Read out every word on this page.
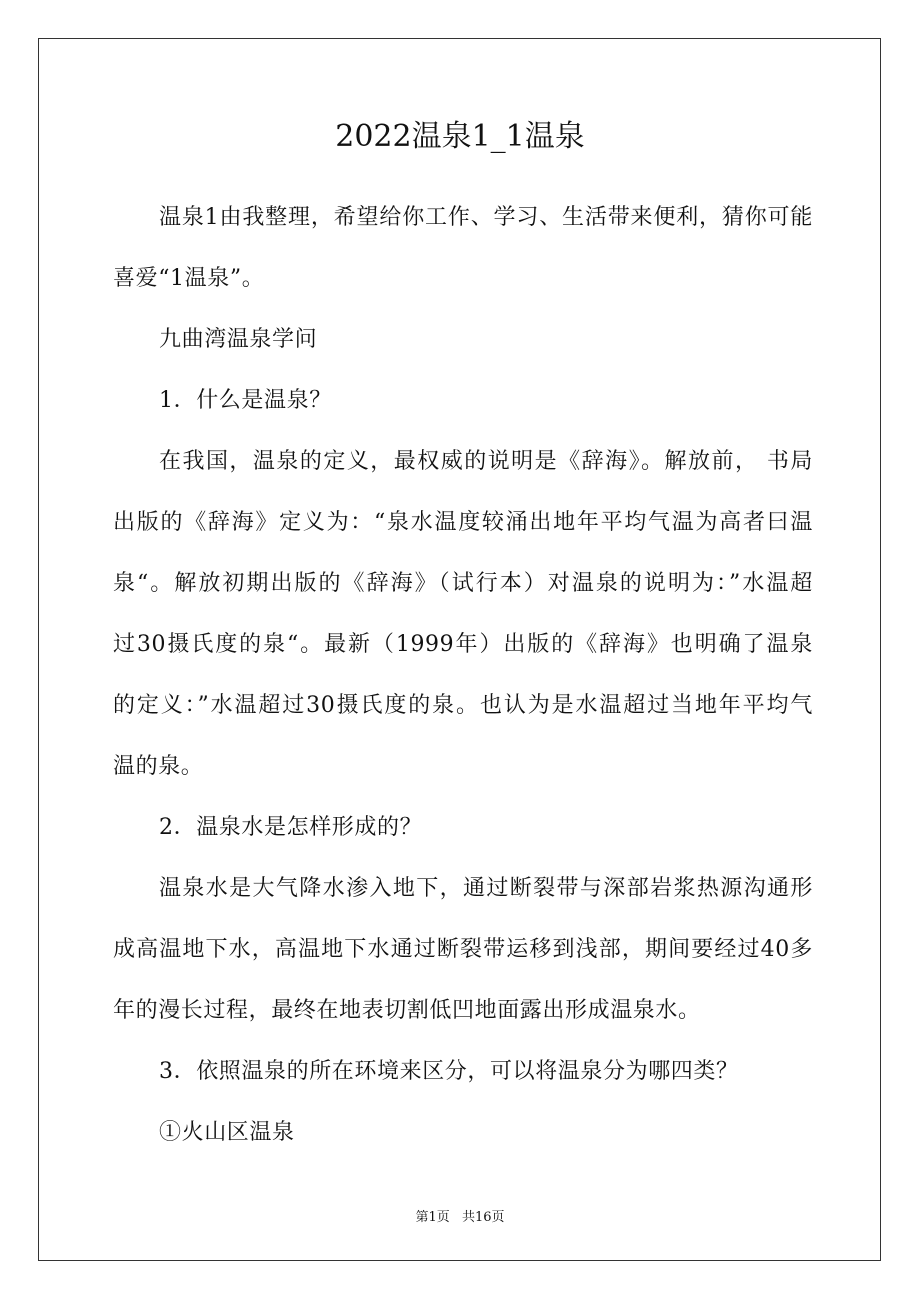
2022温泉1_1温泉
温泉1由我整理，希望给你工作、学习、生活带来便利，猜你可能
喜爱“1温泉”。
九曲湾温泉学问
1．什么是温泉？
在我国，温泉的定义，最权威的说明是《辞海》。解放前， 书局
出版的《辞海》定义为：“泉水温度较涌出地年平均气温为高者曰温
泉“。解放初期出版的《辞海》（试行本）对温泉的说明为：”水温超
过30摄氏度的泉“。最新（1999年）出版的《辞海》也明确了温泉
的定义：”水温超过30摄氏度的泉。也认为是水温超过当地年平均气
温的泉。
2．温泉水是怎样形成的？
温泉水是大气降水渗入地下，通过断裂带与深部岩浆热源沟通形
成高温地下水，高温地下水通过断裂带运移到浅部，期间要经过40多
年的漫长过程，最终在地表切割低凹地面露出形成温泉水。
3．依照温泉的所在环境来区分，可以将温泉分为哪四类？
①火山区温泉
第1页 共16页
